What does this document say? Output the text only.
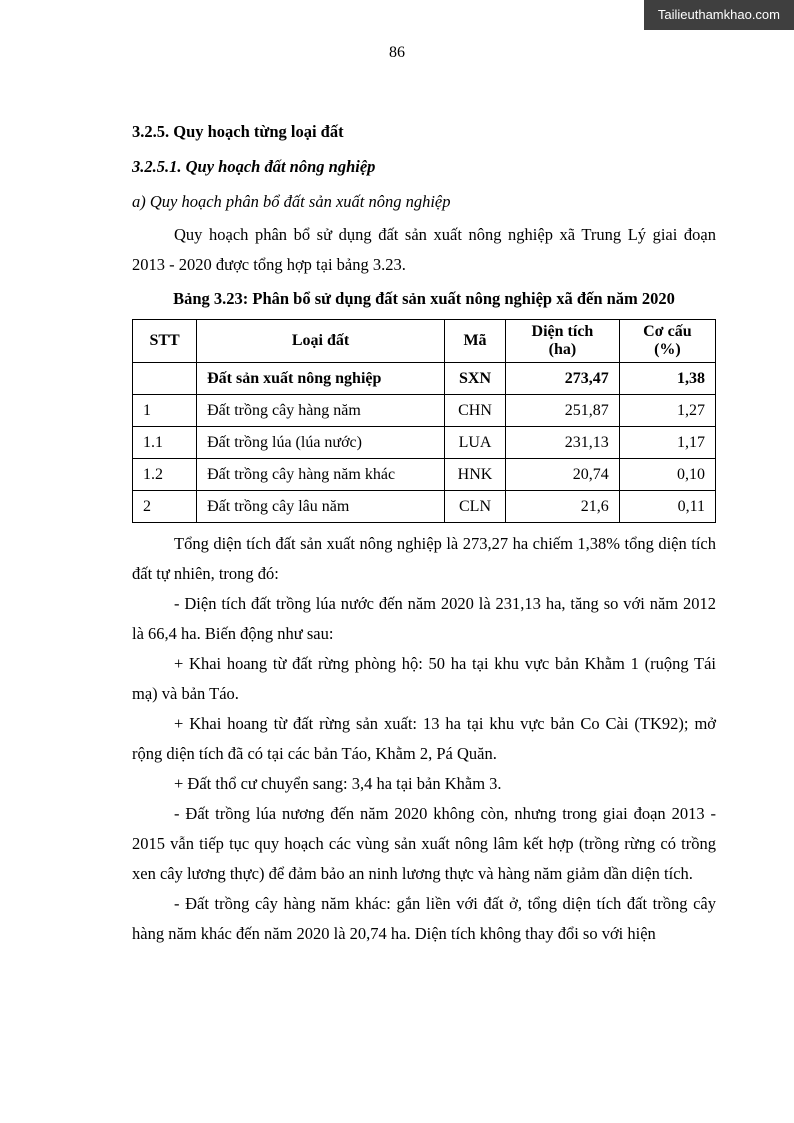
Tailieuthamkhao.com
86
3.2.5. Quy hoạch từng loại đất
3.2.5.1. Quy hoạch đất nông nghiệp
a) Quy hoạch phân bổ đất sản xuất nông nghiệp

Quy hoạch phân bổ sử dụng đất sản xuất nông nghiệp xã Trung Lý giai đoạn 2013 - 2020 được tổng hợp tại bảng 3.23.

Bảng 3.23: Phân bổ sử dụng đất sản xuất nông nghiệp xã đến năm 2020
STT	Loại đất	Mã	Diện tích (ha)	Cơ cấu (%)
	Đất sản xuất nông nghiệp	SXN	273,47	1,38
1	Đất trồng cây hàng năm	CHN	251,87	1,27
1.1	Đất trồng lúa (lúa nước)	LUA	231,13	1,17
1.2	Đất trồng cây hàng năm khác	HNK	20,74	0,10
2	Đất trồng cây lâu năm	CLN	21,6	0,11

Tổng diện tích đất sản xuất nông nghiệp là 273,27 ha chiếm 1,38% tổng diện tích đất tự nhiên, trong đó:

- Diện tích đất trồng lúa nước đến năm 2020 là 231,13 ha, tăng so với năm 2012 là 66,4 ha. Biến động như sau:

+ Khai hoang từ đất rừng phòng hộ: 50 ha tại khu vực bản Khằm 1 (ruộng Tái mạ) và bản Táo.

+ Khai hoang từ đất rừng sản xuất: 13 ha tại khu vực bản Co Cài (TK92); mở rộng diện tích đã có tại các bản Táo, Khằm 2, Pá Quăn.

+ Đất thổ cư chuyển sang: 3,4 ha tại bản Khằm 3.

- Đất trồng lúa nương đến năm 2020 không còn, nhưng trong giai đoạn 2013 - 2015 vẫn tiếp tục quy hoạch các vùng sản xuất nông lâm kết hợp (trồng rừng có trồng xen cây lương thực) để đảm bảo an ninh lương thực và hàng năm giảm dần diện tích.

- Đất trồng cây hàng năm khác: gắn liền với đất ở, tổng diện tích đất trồng cây hàng năm khác đến năm 2020 là 20,74 ha. Diện tích không thay đổi so với hiện
